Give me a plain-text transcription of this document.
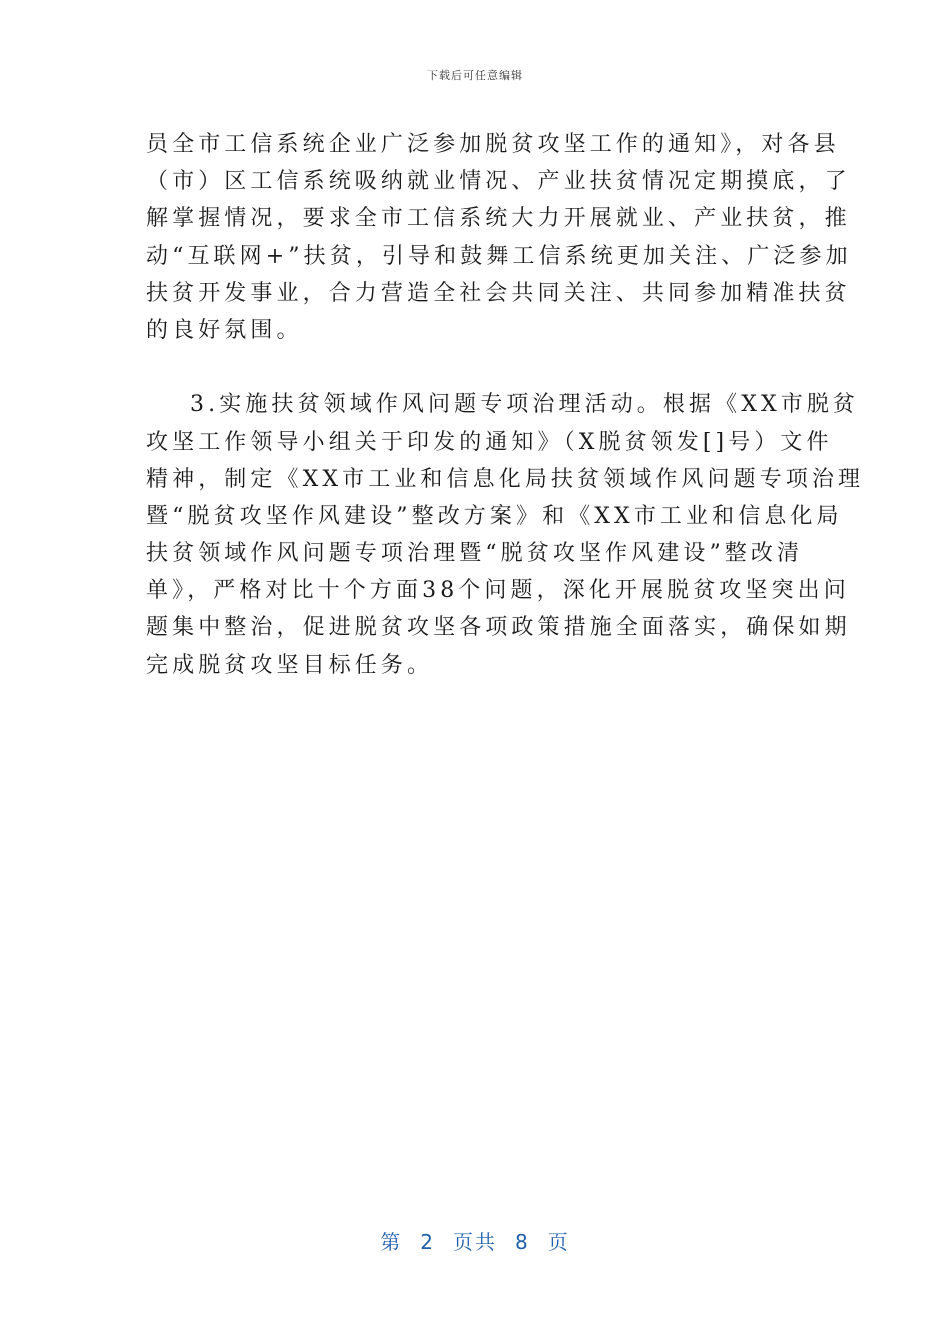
下载后可任意编辑

员全市工信系统企业广泛参加脱贫攻坚工作的通知》，对各县

（市）区工信系统吸纳就业情况、产业扶贫情况定期摸底，了

解掌握情况，要求全市工信系统大力开展就业、产业扶贫，推

动“互联网+”扶贫，引导和鼓舞工信系统更加关注、广泛参加

扶贫开发事业，合力营造全社会共同关注、共同参加精准扶贫

的良好氛围。

3.实施扶贫领域作风问题专项治理活动。根据《XX市脱贫

攻坚工作领导小组关于印发的通知》（X脱贫领发[]号）文件

精神，制定《XX市工业和信息化局扶贫领域作风问题专项治理

暨“脱贫攻坚作风建设”整改方案》和《XX市工业和信息化局

扶贫领域作风问题专项治理暨“脱贫攻坚作风建设”整改清

单》，严格对比十个方面38个问题，深化开展脱贫攻坚突出问

题集中整治，促进脱贫攻坚各项政策措施全面落实，确保如期

完成脱贫攻坚目标任务。

第 2 页共 8 页
